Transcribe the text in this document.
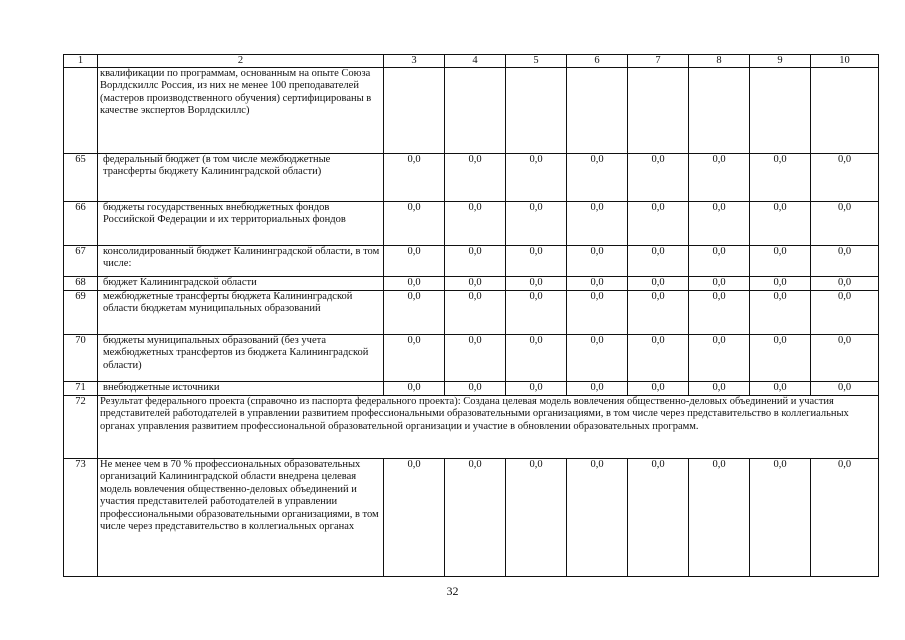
1	2	3	4	5	6	7	8	9	10
	квалификации по программам, основанным на опыте Союза Ворлдскиллс Россия, из них не менее 100 преподавателей (мастеров производственного обучения) сертифицированы в качестве экспертов Ворлдскиллс)								
65	федеральный бюджет (в том числе межбюджетные трансферты бюджету Калининградской области)	0,0	0,0	0,0	0,0	0,0	0,0	0,0	0,0
66	бюджеты государственных внебюджетных фондов Российской Федерации и их территориальных фондов	0,0	0,0	0,0	0,0	0,0	0,0	0,0	0,0
67	консолидированный бюджет Калининградской области, в том числе:	0,0	0,0	0,0	0,0	0,0	0,0	0,0	0,0
68	бюджет Калининградской области	0,0	0,0	0,0	0,0	0,0	0,0	0,0	0,0
69	межбюджетные трансферты бюджета Калининградской области бюджетам муниципальных образований	0,0	0,0	0,0	0,0	0,0	0,0	0,0	0,0
70	бюджеты муниципальных образований (без учета межбюджетных трансфертов из бюджета Калининградской области)	0,0	0,0	0,0	0,0	0,0	0,0	0,0	0,0
71	внебюджетные источники	0,0	0,0	0,0	0,0	0,0	0,0	0,0	0,0
72	Результат федерального проекта (справочно из паспорта федерального проекта): Создана целевая модель вовлечения общественно-деловых объединений и участия представителей работодателей в управлении развитием профессиональными образовательными организациями, в том числе через представительство в коллегиальных органах управления развитием профессиональной образовательной организации и участие в обновлении образовательных программ.								
73	Не менее чем в 70 % профессиональных образовательных организаций Калининградской области внедрена целевая модель вовлечения общественно-деловых объединений и участия представителей работодателей в управлении профессиональными образовательными организациями, в том числе через представительство в коллегиальных органах	0,0	0,0	0,0	0,0	0,0	0,0	0,0	0,0
32
